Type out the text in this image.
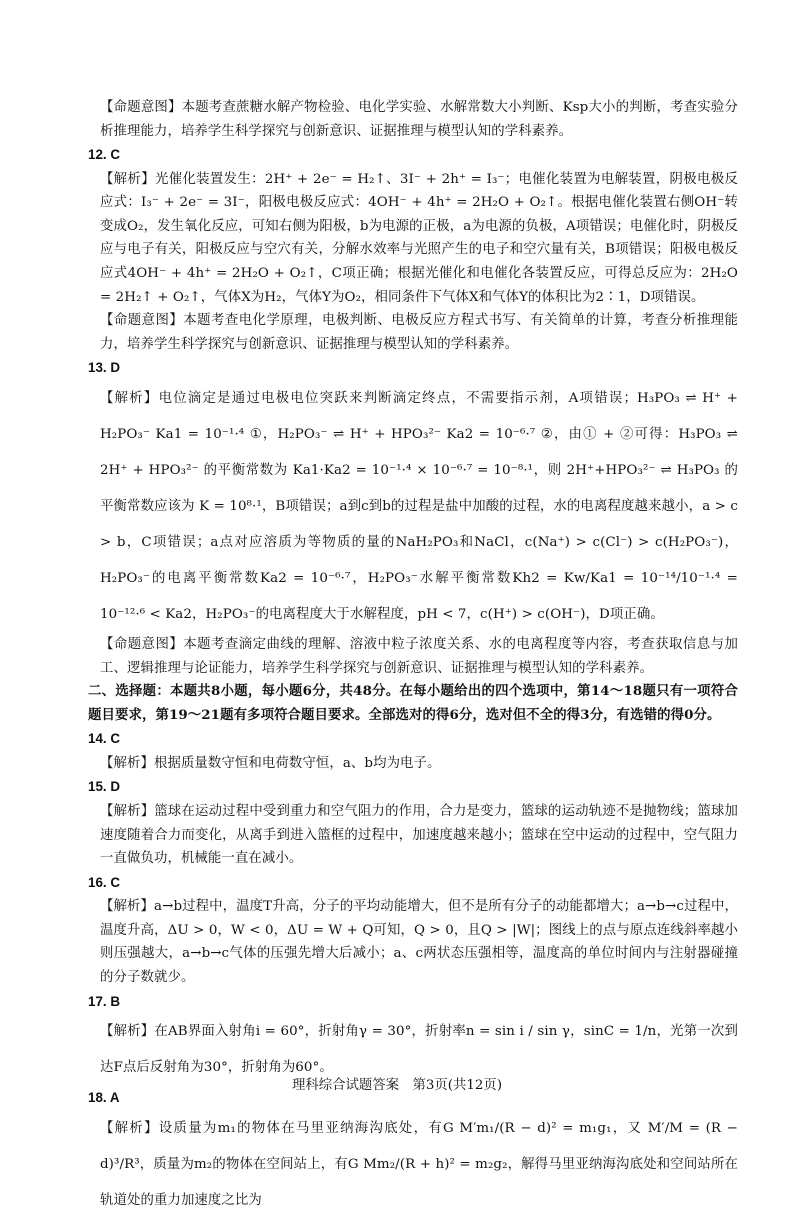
【命题意图】本题考查蔗糖水解产物检验、电化学实验、水解常数大小判断、Ksp大小的判断，考查实验分析推理能力，培养学生科学探究与创新意识、证据推理与模型认知的学科素养。

12. C

【解析】光催化装置发生：2H⁺ + 2e⁻ = H₂↑、3I⁻ + 2h⁺ = I₃⁻；电催化装置为电解装置，阴极电极反应式：I₃⁻ + 2e⁻ = 3I⁻，阳极电极反应式：4OH⁻ + 4h⁺ = 2H₂O + O₂↑。根据电催化装置右侧OH⁻转变成O₂，发生氧化反应，可知右侧为阳极，b为电源的正极，a为电源的负极，A项错误；电催化时，阴极反应与电子有关，阳极反应与空穴有关，分解水效率与光照产生的电子和空穴量有关，B项错误；阳极电极反应式4OH⁻ + 4h⁺ = 2H₂O + O₂↑，C项正确；根据光催化和电催化各装置反应，可得总反应为：2H₂O = 2H₂↑ + O₂↑，气体X为H₂，气体Y为O₂，相同条件下气体X和气体Y的体积比为2∶1，D项错误。

【命题意图】本题考查电化学原理，电极判断、电极反应方程式书写、有关简单的计算，考查分析推理能力，培养学生科学探究与创新意识、证据推理与模型认知的学科素养。

13. D

【解析】电位滴定是通过电极电位突跃来判断滴定终点，不需要指示剂，A项错误；H₃PO₃ ⇌ H⁺ + H₂PO₃⁻ Ka1 = 10⁻¹·⁴ ①，H₂PO₃⁻ ⇌ H⁺ + HPO₃²⁻ Ka2 = 10⁻⁶·⁷ ②，由① + ②可得：H₃PO₃ ⇌ 2H⁺ + HPO₃²⁻ 的平衡常数为 Ka1·Ka2 = 10⁻¹·⁴ × 10⁻⁶·⁷ = 10⁻⁸·¹，则 2H⁺+HPO₃²⁻ ⇌ H₃PO₃ 的平衡常数应该为 K = 10⁸·¹，B项错误；a到c到b的过程是盐中加酸的过程，水的电离程度越来越小，a > c > b，C项错误；a点对应溶质为等物质的量的NaH₂PO₃和NaCl，c(Na⁺) > c(Cl⁻) > c(H₂PO₃⁻)，H₂PO₃⁻的电离平衡常数Ka2 = 10⁻⁶·⁷，H₂PO₃⁻水解平衡常数Kh2 = Kw/Ka1 = 10⁻¹⁴/10⁻¹·⁴ = 10⁻¹²·⁶ < Ka2，H₂PO₃⁻的电离程度大于水解程度，pH < 7，c(H⁺) > c(OH⁻)，D项正确。

【命题意图】本题考查滴定曲线的理解、溶液中粒子浓度关系、水的电离程度等内容，考查获取信息与加工、逻辑推理与论证能力，培养学生科学探究与创新意识、证据推理与模型认知的学科素养。

二、选择题：本题共8小题，每小题6分，共48分。在每小题给出的四个选项中，第14～18题只有一项符合题目要求，第19～21题有多项符合题目要求。全部选对的得6分，选对但不全的得3分，有选错的得0分。

14. C

【解析】根据质量数守恒和电荷数守恒，a、b均为电子。

15. D

【解析】篮球在运动过程中受到重力和空气阻力的作用，合力是变力，篮球的运动轨迹不是抛物线；篮球加速度随着合力而变化，从离手到进入篮框的过程中，加速度越来越小；篮球在空中运动的过程中，空气阻力一直做负功，机械能一直在减小。

16. C

【解析】a→b过程中，温度T升高，分子的平均动能增大，但不是所有分子的动能都增大；a→b→c过程中，温度升高，ΔU > 0，W < 0，ΔU = W + Q可知，Q > 0，且Q > |W|；图线上的点与原点连线斜率越小则压强越大，a→b→c气体的压强先增大后减小；a、c两状态压强相等，温度高的单位时间内与注射器碰撞的分子数就少。

17. B

【解析】在AB界面入射角i = 60°，折射角γ = 30°，折射率n = sin i / sin γ，sinC = 1/n，光第一次到达F点后反射角为30°，折射角为60°。

18. A

【解析】设质量为m₁的物体在马里亚纳海沟底处，有G M′m₁/(R − d)² = m₁g₁，又 M′/M = (R − d)³/R³，质量为m₂的物体在空间站上，有G Mm₂/(R + h)² = m₂g₂，解得马里亚纳海沟底处和空间站所在轨道处的重力加速度之比为

理科综合试题答案　第3页(共12页)
